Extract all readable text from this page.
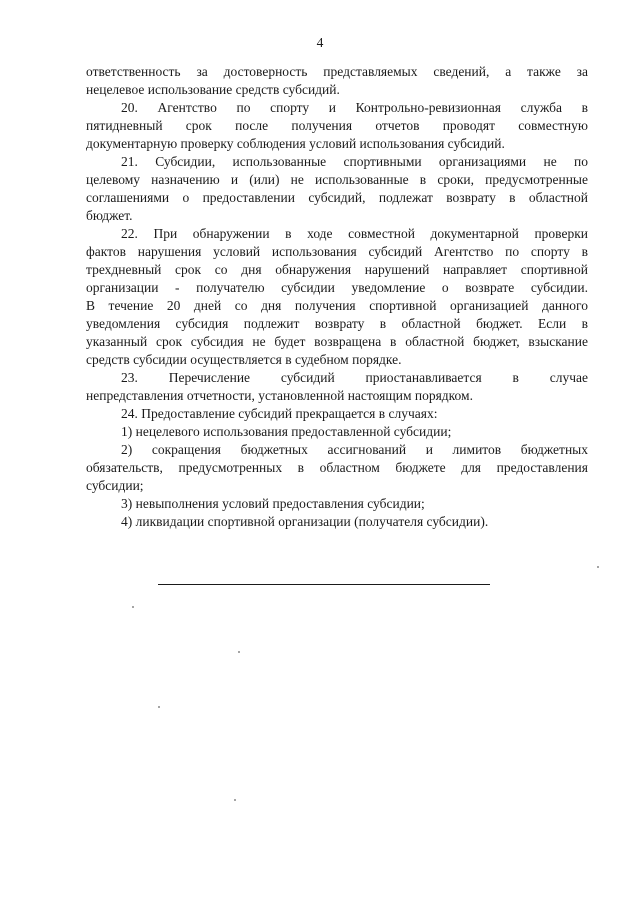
4

ответственность за достоверность представляемых сведений, а также за

нецелевое использование средств субсидий.

20. Агентство по спорту и Контрольно-ревизионная служба в

пятидневный срок после получения отчетов проводят совместную

документарную проверку соблюдения условий использования субсидий.

21. Субсидии, использованные спортивными организациями не по

целевому назначению и (или) не использованные в сроки, предусмотренные

соглашениями о предоставлении субсидий, подлежат возврату в областной

бюджет.

22. При обнаружении в ходе совместной документарной проверки

фактов нарушения условий использования субсидий Агентство по спорту в

трехдневный срок со дня обнаружения нарушений направляет спортивной

организации - получателю субсидии уведомление о возврате субсидии.

В течение 20 дней со дня получения спортивной организацией данного

уведомления субсидия подлежит возврату в областной бюджет. Если в

указанный срок субсидия не будет возвращена в областной бюджет, взыскание

средств субсидии осуществляется в судебном порядке.

23. Перечисление субсидий приостанавливается в случае

непредставления отчетности, установленной настоящим порядком.

24. Предоставление субсидий прекращается в случаях:

1) нецелевого использования предоставленной субсидии;

2) сокращения бюджетных ассигнований и лимитов бюджетных

обязательств, предусмотренных в областном бюджете для предоставления

субсидии;

3) невыполнения условий предоставления субсидии;

4) ликвидации спортивной организации (получателя субсидии).
